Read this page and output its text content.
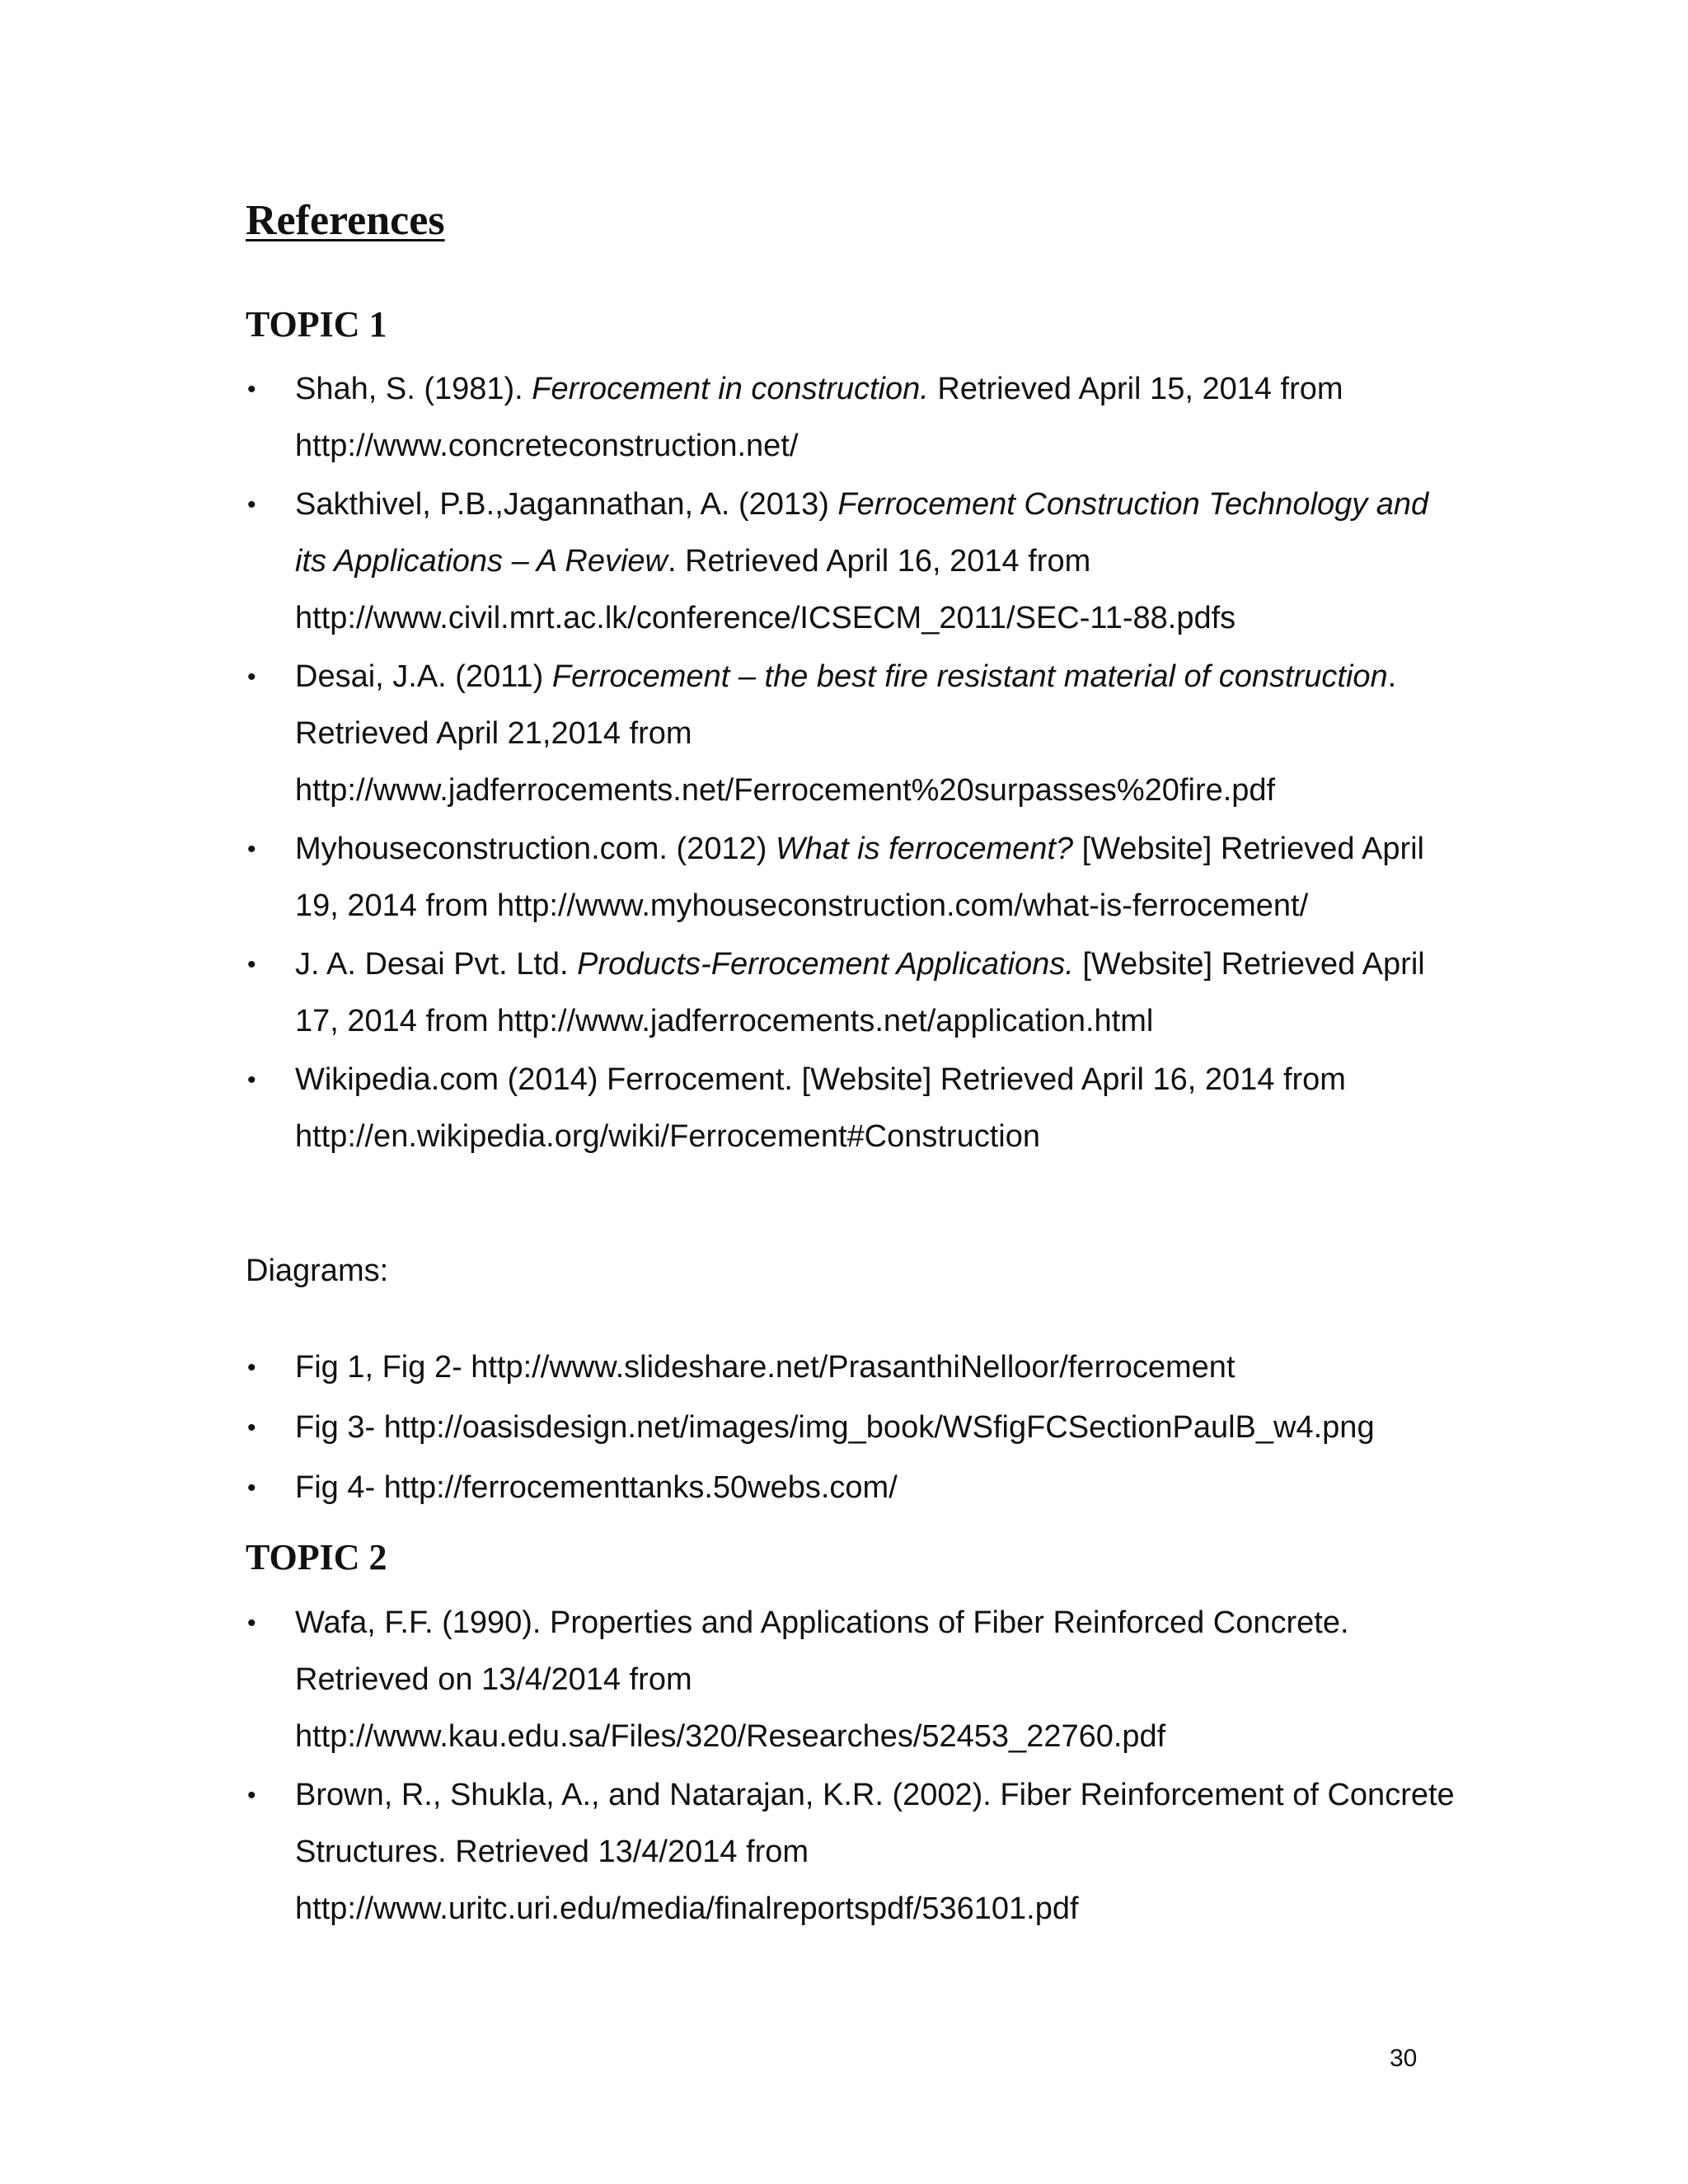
References
TOPIC 1
• Shah, S. (1981). Ferrocement in construction. Retrieved April 15, 2014 from
http://www.concreteconstruction.net/
• Sakthivel, P.B.,Jagannathan, A. (2013) Ferrocement Construction Technology and its Applications – A Review. Retrieved April 16, 2014 from
http://www.civil.mrt.ac.lk/conference/ICSECM_2011/SEC-11-88.pdfs
• Desai, J.A. (2011) Ferrocement – the best fire resistant material of construction. Retrieved April 21,2014 from
http://www.jadferrocements.net/Ferrocement%20surpasses%20fire.pdf
• Myhouseconstruction.com. (2012) What is ferrocement? [Website] Retrieved April 19, 2014 from http://www.myhouseconstruction.com/what-is-ferrocement/
• J. A. Desai Pvt. Ltd. Products-Ferrocement Applications. [Website] Retrieved April 17, 2014 from http://www.jadferrocements.net/application.html
• Wikipedia.com (2014) Ferrocement. [Website] Retrieved April 16, 2014 from
http://en.wikipedia.org/wiki/Ferrocement#Construction

Diagrams:

• Fig 1, Fig 2- http://www.slideshare.net/PrasanthiNelloor/ferrocement
• Fig 3- http://oasisdesign.net/images/img_book/WSfigFCSectionPaulB_w4.png
• Fig 4- http://ferrocementtanks.50webs.com/
TOPIC 2
• Wafa, F.F. (1990). Properties and Applications of Fiber Reinforced Concrete. Retrieved on 13/4/2014 from
http://www.kau.edu.sa/Files/320/Researches/52453_22760.pdf
• Brown, R., Shukla, A., and Natarajan, K.R. (2002). Fiber Reinforcement of Concrete Structures. Retrieved 13/4/2014 from
http://www.uritc.uri.edu/media/finalreportspdf/536101.pdf

30
